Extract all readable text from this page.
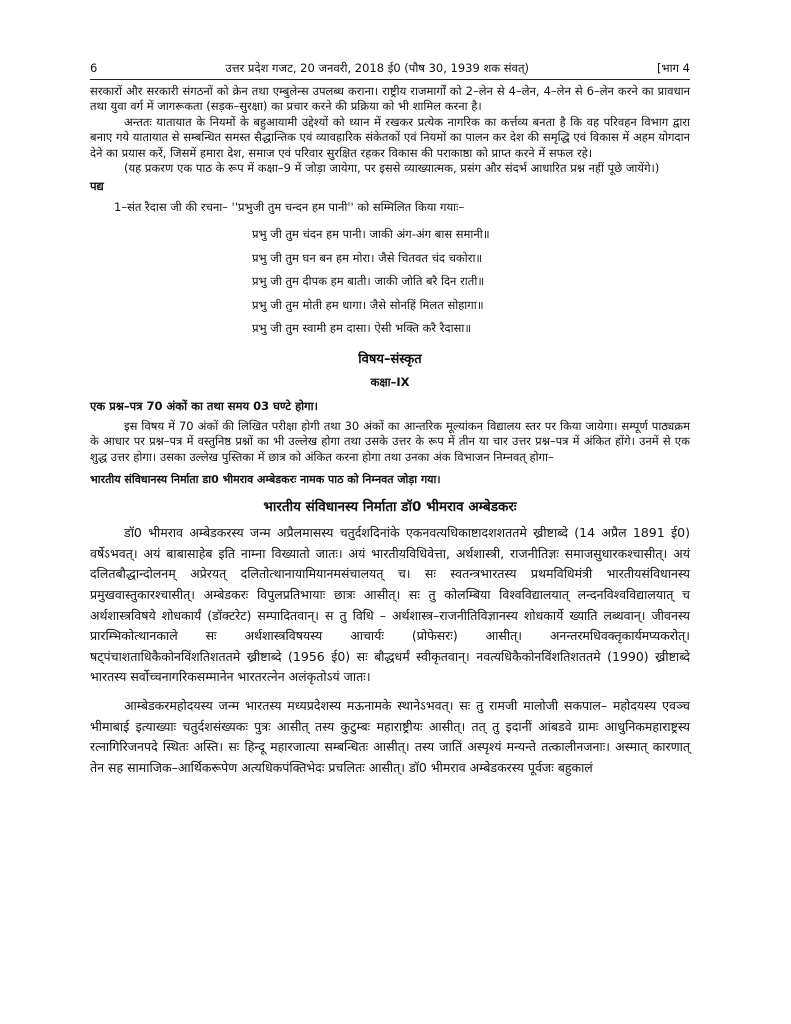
6	उत्तर प्रदेश गजट, 20 जनवरी, 2018 ई0 (पौष 30, 1939 शक संवत्)	[भाग 4

सरकारों और सरकारी संगठनों को क्रेन तथा एम्बुलेन्स उपलब्ध कराना। राष्ट्रीय राजमार्गों को 2–लेन से 4–लेन, 4–लेन से 6–लेन करने का प्रावधान तथा युवा वर्ग में जागरूकता (सड़क–सुरक्षा) का प्रचार करने की प्रक्रिया को भी शामिल करना है।

अन्ततः यातायात के नियमों के बहुआयामी उद्देश्यों को ध्यान में रखकर प्रत्येक नागरिक का कर्त्तव्य बनता है कि वह परिवहन विभाग द्वारा बनाए गये यातायात से सम्बन्धित समस्त सैद्धान्तिक एवं व्यावहारिक संकेतकों एवं नियमों का पालन कर देश की समृद्धि एवं विकास में अहम योगदान देने का प्रयास करें, जिसमें हमारा देश, समाज एवं परिवार सुरक्षित रहकर विकास की पराकाष्ठा को प्राप्त करने में सफल रहे।

(यह प्रकरण एक पाठ के रूप में कक्षा–9 में जोड़ा जायेगा, पर इससे व्याख्यात्मक, प्रसंग और संदर्भ आधारित प्रश्न नहीं पूछे जायेंगे।)

पद्य
1–संत रैदास जी की रचना– ''प्रभुजी तुम चन्दन हम पानी'' को सम्मिलित किया गयाः–
प्रभु जी तुम चंदन हम पानी। जाकी अंग-अंग बास समानी॥
प्रभु जी तुम घन बन हम मोरा। जैसे चितवत चंद चकोरा॥
प्रभु जी तुम दीपक हम बाती। जाकी जोति बरै दिन राती॥
प्रभु जी तुम मोती हम धागा। जैसे सोनहिं मिलत सोहागा॥
प्रभु जी तुम स्वामी हम दासा। ऐसी भक्ति करै रैदासा॥
विषय–संस्कृत
कक्षा–IX
एक प्रश्न–पत्र 70 अंकों का तथा समय 03 घण्टे होगा।

इस विषय में 70 अंकों की लिखित परीक्षा होगी तथा 30 अंकों का आन्तरिक मूल्यांकन विद्यालय स्तर पर किया जायेगा। सम्पूर्ण पाठ्यक्रम के आधार पर प्रश्न–पत्र में वस्तुनिष्ठ प्रश्नों का भी उल्लेख होगा तथा उसके उत्तर के रूप में तीन या चार उत्तर प्रश्न–पत्र में अंकित होंगे। उनमें से एक शुद्ध उत्तर होगा। उसका उल्लेख पुस्तिका में छात्र को अंकित करना होगा तथा उनका अंक विभाजन निम्नवत् होगा–

भारतीय संविधानस्य निर्माता डा0 भीमराव अम्बेडकरः नामक पाठ को निम्नवत जोड़ा गया।
भारतीय संविधानस्य निर्माता डॉ0 भीमराव अम्बेडकरः

डॉ0 भीमराव अम्बेडकरस्य जन्म अप्रैलमासस्य चतुर्दशदिनांके एकनवत्यधिकाष्टादशशततमे ख्रीष्टाब्दे (14 अप्रैल 1891 ई0) वर्षेऽभवत्। अयं बाबासाहेब इति नाम्ना विख्यातो जातः। अयं भारतीयविधिवेत्ता, अर्थशास्त्री, राजनीतिज्ञः समाजसुधारकश्चासीत्। अयं दलितबौद्धान्दोलनम् अप्रेरयत् दलितोत्थानायामियानमसंचालयत् च। सः स्वतन्त्रभारतस्य प्रथमविधिमंत्री भारतीयसंविधानस्य प्रमुखवास्तुकारश्चासीत्। अम्बेडकरः विपुलप्रतिभायाः छात्रः आसीत्। सः तु कोलम्बिया विश्वविद्यालयात् लन्दनविश्वविद्यालयात् च अर्थशास्त्रविषये शोधकार्यं (डॉक्टरेट) सम्पादितवान्। स तु विधि – अर्थशास्त्र–राजनीतिविज्ञानस्य शोधकार्ये ख्याति लब्धवान्। जीवनस्य प्रारम्भिकोत्थानकाले सः अर्थशास्त्रविषयस्य आचार्यः (प्रोफेसरः) आसीत्। अनन्तरमधिवक्तृकार्यमप्यकरोत्। षट्पंचाशताधिकैकोनविंशतिशततमे ख्रीष्टाब्दे (1956 ई0) सः बौद्धधर्मं स्वीकृतवान्। नवत्यधिकैकोनविंशतिशततमे (1990) ख्रीष्टाब्दे भारतस्य सर्वोच्चनागरिकसम्मानेन भारतरत्नेन अलंकृतोऽयं जातः।

आम्बेडकरमहोदयस्य जन्म भारतस्य मध्यप्रदेशस्य मऊनामके स्थानेऽभवत्। सः तु रामजी मालोजी सकपाल– महोदयस्य एवञ्च भीमाबाई इत्याख्याः चतुर्दशसंख्यकः पुत्रः आसीत् तस्य कुटुम्बः महाराष्ट्रीयः आसीत्। तत् तु इदानीं आंबडवे ग्रामः आधुनिकमहाराष्ट्रस्य रत्नागिरिजनपदे स्थितः अस्ति। सः हिन्दू महारजात्या सम्बन्धितः आसीत्। तस्य जातिं अस्पृश्यं मन्यन्ते तत्कालीनजनाः। अस्मात् कारणात् तेन सह सामाजिक–आर्थिकरूपेण अत्यधिकपंक्तिभेदः प्रचलितः आसीत्। डॉ0 भीमराव अम्बेडकरस्य पूर्वजः बहुकालं
